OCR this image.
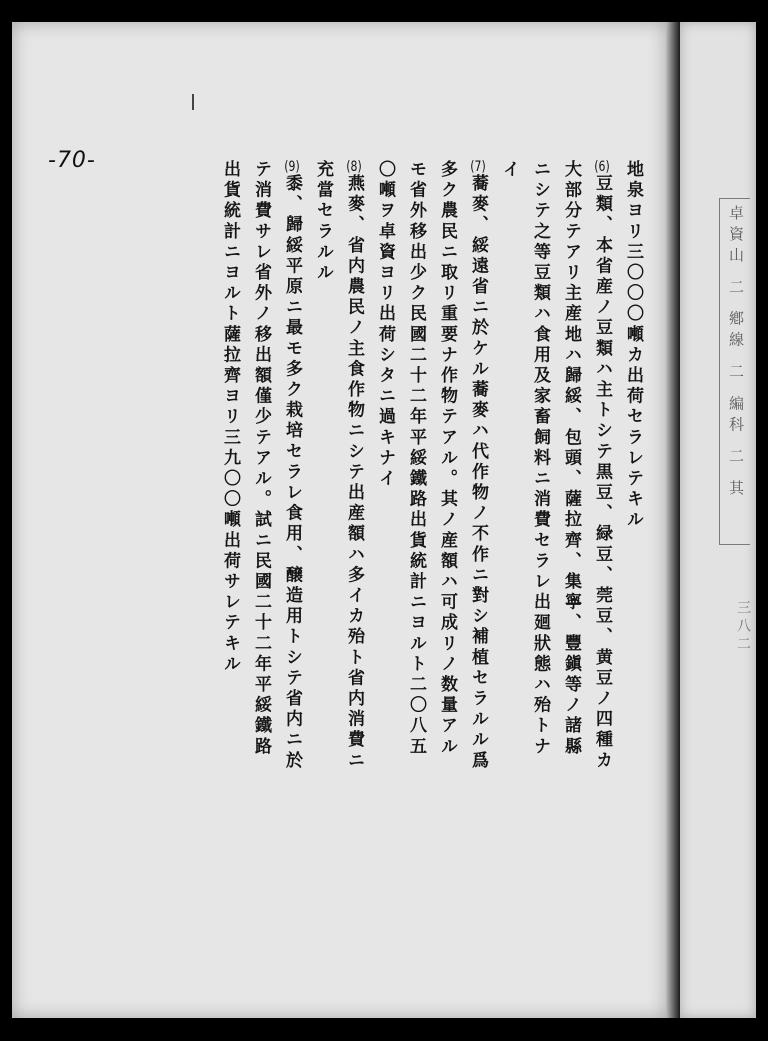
-70-
卓資山 二 鄕線 二 編科 二 其
三八二
地泉ヨリ三〇〇〇噸カ出荷セラレテキル
(6)豆類、本省産ノ豆類ハ主トシテ黒豆、緑豆、莞豆、黄豆ノ四種カ
大部分テアリ主産地ハ歸綏、包頭、薩拉齊、集寧、豐鎭等ノ諸縣
ニシテ之等豆類ハ食用及家畜飼料ニ消費セラレ出廻狀態ハ殆トナ
イ
(7)蕎麥、綏遠省ニ於ケル蕎麥ハ代作物ノ不作ニ對シ補植セラルル爲
多ク農民ニ取リ重要ナ作物テアル。其ノ産額ハ可成リノ数量アル
モ省外移出少ク民國二十二年平綏鐵路出貨統計ニヨルト二〇八五
〇噸ヲ卓資ヨリ出荷シタニ過キナイ
(8)燕麥、省内農民ノ主食作物ニシテ出産額ハ多イカ殆ト省内消費ニ
充當セラルル
(9)黍、歸綏平原ニ最モ多ク栽培セラレ食用、醸造用トシテ省内ニ於
テ消費サレ省外ノ移出額僅少テアル。試ニ民國二十二年平綏鐵路
出貨統計ニヨルト薩拉齊ヨリ三九〇〇噸出荷サレテキル
